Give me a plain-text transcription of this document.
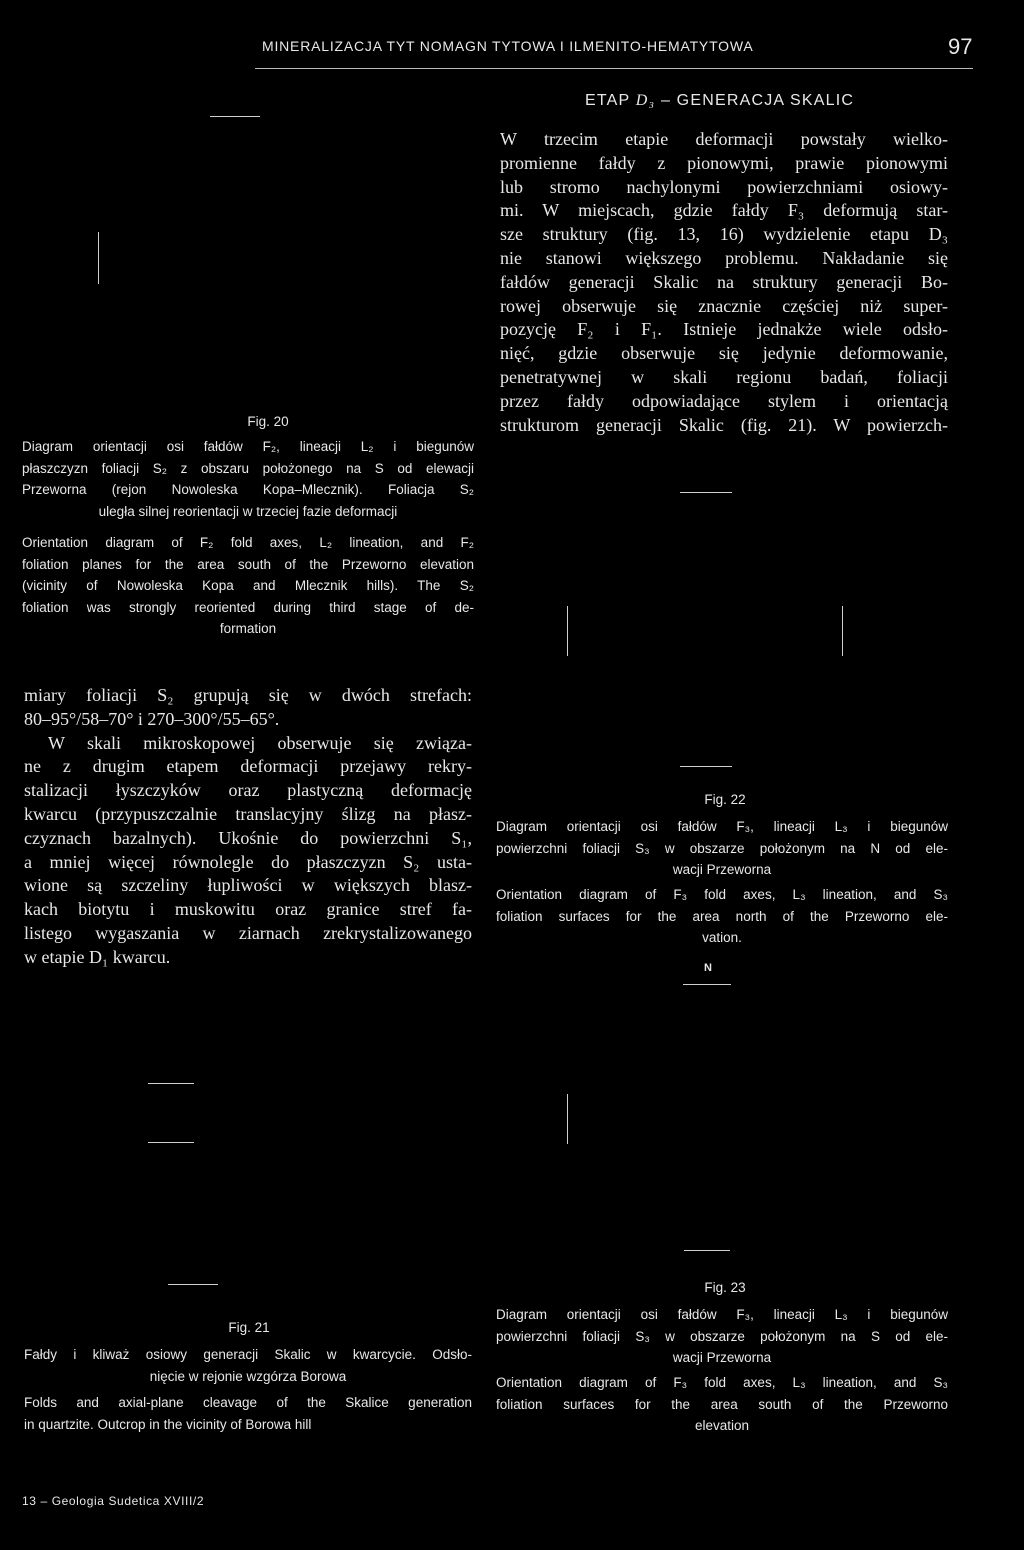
MINERALIZACJA TYT NOMAGN TYTOWA I ILMENITO-HEMATYTOWA	97
ETAP D₃ – GENERACJA SKALIC
W trzecim etapie deformacji powstały wielko-
promienne fałdy z pionowymi, prawie pionowymi
lub stromo nachylonymi powierzchniami osiowy-
mi. W miejscach, gdzie fałdy F₃ deformują star-
sze struktury (fig. 13, 16) wydzielenie etapu D₃
nie stanowi większego problemu. Nakładanie się
fałdów generacji Skalic na struktury generacji Bo-
rowej obserwuje się znacznie częściej niż super-
pozycję F₂ i F₁. Istnieje jednakże wiele odsło-
nięć, gdzie obserwuje się jedynie deformowanie,
penetratywnej w skali regionu badań, foliacji
przez fałdy odpowiadające stylem i orientacją
strukturom generacji Skalic (fig. 21). W powierzch-
Fig. 20
Diagram orientacji osi fałdów F₂, lineacji L₂ i biegunów
płaszczyzn foliacji S₂ z obszaru położonego na S od elewacji
Przeworna (rejon Nowoleska Kopa–Mlecznik). Foliacja S₂
uległa silnej reorientacji w trzeciej fazie deformacji
Orientation diagram of F₂ fold axes, L₂ lineation, and F₂
foliation planes for the area south of the Przeworno elevation
(vicinity of Nowoleska Kopa and Mlecznik hills). The S₂
foliation was strongly reoriented during third stage of de-
formation
miary foliacji S₂ grupują się w dwóch strefach:
80–95°/58–70° i 270–300°/55–65°.
W skali mikroskopowej obserwuje się związa-
ne z drugim etapem deformacji przejawy rekry-
stalizacji łyszczyków oraz plastyczną deformację
kwarcu (przypuszczalnie translacyjny ślizg na płasz-
czyznach bazalnych). Ukośnie do powierzchni S₁,
a mniej więcej równolegle do płaszczyzn S₂ usta-
wione są szczeliny łupliwości w większych blasz-
kach biotytu i muskowitu oraz granice stref fa-
listego wygaszania w ziarnach zrekrystalizowanego
w etapie D₁ kwarcu.
Fig. 22
Diagram orientacji osi fałdów F₃, lineacji L₃ i biegunów
powierzchni foliacji S₃ w obszarze położonym na N od ele-
wacji Przeworna
Orientation diagram of F₃ fold axes, L₃ lineation, and S₃
foliation surfaces for the area north of the Przeworno ele-
vation.
N
Fig. 21
Fałdy i kliważ osiowy generacji Skalic w kwarcycie. Odsło-
nięcie w rejonie wzgórza Borowa
Folds and axial-plane cleavage of the Skalice generation
in quartzite. Outcrop in the vicinity of Borowa hill
Fig. 23
Diagram orientacji osi fałdów F₃, lineacji L₃ i biegunów
powierzchni foliacji S₃ w obszarze położonym na S od ele-
wacji Przeworna
Orientation diagram of F₃ fold axes, L₃ lineation, and S₃
foliation surfaces for the area south of the Przeworno
elevation
13 – Geologia Sudetica XVIII/2
